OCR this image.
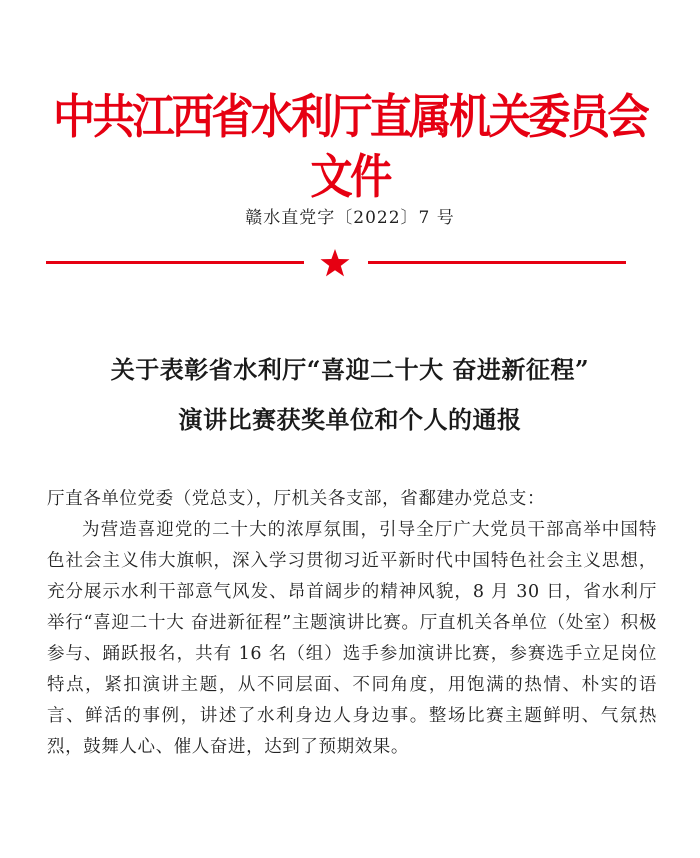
中共江西省水利厅直属机关委员会文件
赣水直党字〔2022〕7 号
关于表彰省水利厅“喜迎二十大 奋进新征程”
演讲比赛获奖单位和个人的通报
厅直各单位党委（党总支），厅机关各支部，省鄱建办党总支：
为营造喜迎党的二十大的浓厚氛围，引导全厅广大党员干部高举中国特色社会主义伟大旗帜，深入学习贯彻习近平新时代中国特色社会主义思想，充分展示水利干部意气风发、昂首阔步的精神风貌，8 月 30 日，省水利厅举行“喜迎二十大 奋进新征程”主题演讲比赛。厅直机关各单位（处室）积极参与、踊跃报名，共有 16 名（组）选手参加演讲比赛，参赛选手立足岗位特点，紧扣演讲主题，从不同层面、不同角度，用饱满的热情、朴实的语言、鲜活的事例，讲述了水利身边人身边事。整场比赛主题鲜明、气氛热烈，鼓舞人心、催人奋进，达到了预期效果。
